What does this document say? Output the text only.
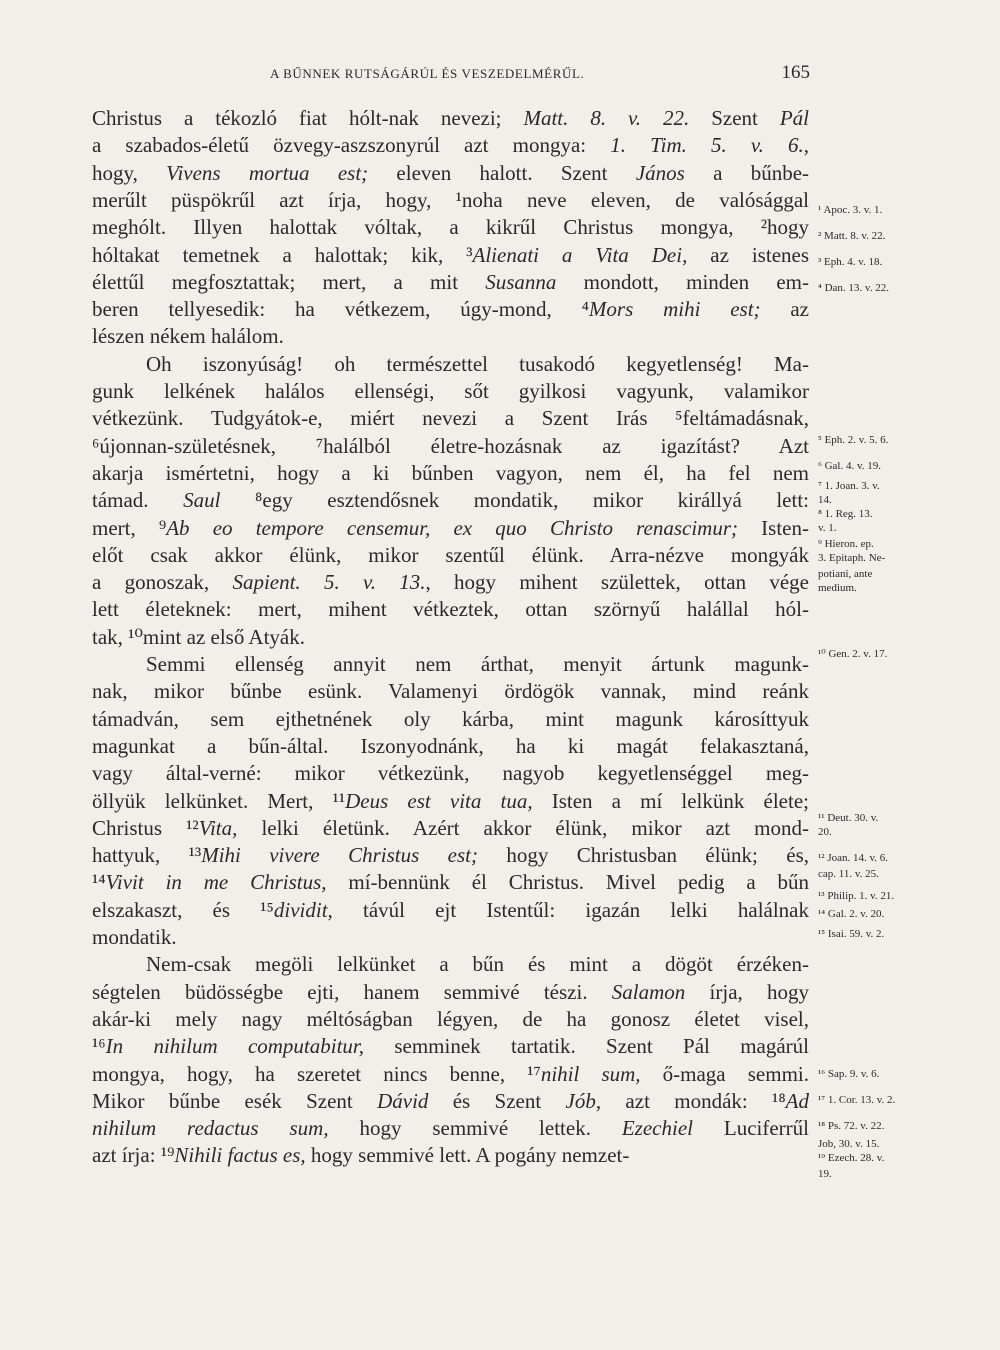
A BŰNNEK RUTSÁGÁRÚL ÉS VESZEDELMÉRŰL.	165
Christus a tékozló fiat hólt-nak nevezi; Matt. 8. v. 22. Szent Pál
a szabados-életű özvegy-aszszonyrúl azt mongya: 1. Tim. 5. v. 6.,
hogy, Vivens mortua est; eleven halott. Szent János a bűnbe-
merűlt püspökrűl azt írja, hogy, ¹noha neve eleven, de valósággal
meghólt. Illyen halottak vóltak, a kikrűl Christus mongya, ²hogy
hóltakat temetnek a halottak; kik, ³Alienati a Vita Dei, az istenes
élettűl megfosztattak; mert, a mit Susanna mondott, minden em-
beren tellyesedik: ha vétkezem, úgy-mond, ⁴Mors mihi est; az
lészen nékem halálom.
Oh iszonyúság! oh természettel tusakodó kegyetlenség! Ma-
gunk lelkének halálos ellenségi, sőt gyilkosi vagyunk, valamikor
vétkezünk. Tudgyátok-e, miért nevezi a Szent Irás ⁵feltámadásnak,
⁶újonnan-születésnek, ⁷halálból életre-hozásnak az igazítást? Azt
akarja ismértetni, hogy a ki bűnben vagyon, nem él, ha fel nem
támad. Saul ⁸egy esztendősnek mondatik, mikor királlyá lett:
mert, ⁹Ab eo tempore censemur, ex quo Christo renascimur; Isten-
előt csak akkor élünk, mikor szentűl élünk. Arra-nézve mongyák
a gonoszak, Sapient. 5. v. 13., hogy mihent születtek, ottan vége
lett életeknek: mert, mihent vétkeztek, ottan szörnyű halállal hól-
tak, ¹⁰mint az első Atyák.
Semmi ellenség annyit nem árthat, menyit ártunk magunk-
nak, mikor bűnbe esünk. Valamenyi ördögök vannak, mind reánk
támadván, sem ejthetnének oly kárba, mint magunk károsíttyuk
magunkat a bűn-által. Iszonyodnánk, ha ki magát felakasztaná,
vagy által-verné: mikor vétkezünk, nagyob kegyetlenséggel meg-
öllyük lelkünket. Mert, ¹¹Deus est vita tua, Isten a mí lelkünk élete;
Christus ¹²Vita, lelki életünk. Azért akkor élünk, mikor azt mond-
hattyuk, ¹³Mihi vivere Christus est; hogy Christusban élünk; és,
¹⁴Vivit in me Christus, mí-bennünk él Christus. Mivel pedig a bűn
elszakaszt, és ¹⁵dividit, távúl ejt Istentűl: igazán lelki halálnak
mondatik.
Nem-csak megöli lelkünket a bűn és mint a dögöt érzéken-
ségtelen büdösségbe ejti, hanem semmivé tészi. Salamon írja, hogy
akár-ki mely nagy méltóságban légyen, de ha gonosz életet visel,
¹⁶In nihilum computabitur, semminek tartatik. Szent Pál magárúl
mongya, hogy, ha szeretet nincs benne, ¹⁷nihil sum, ő-maga semmi.
Mikor bűnbe esék Szent Dávid és Szent Jób, azt mondák: ¹⁸Ad
nihilum redactus sum, hogy semmivé lettek. Ezechiel Luciferrűl
azt írja: ¹⁹Nihili factus es, hogy semmivé lett. A pogány nemzet-
¹ Apoc. 3. v. 1.
² Matt. 8. v. 22.
³ Eph. 4. v. 18.
⁴ Dan. 13. v. 22.
⁵ Eph. 2. v. 5. 6.
⁶ Gal. 4. v. 19.
⁷ 1. Joan. 3. v.
14.
⁸ 1. Reg. 13.
v. 1.
⁹ Hieron. ep.
3. Epitaph. Ne-
potiani, ante
medium.
¹⁰ Gen. 2. v. 17.
¹¹ Deut. 30. v.
20.
¹² Joan. 14. v. 6.
cap. 11. v. 25.
¹³ Philip. 1. v. 21.
¹⁴ Gal. 2. v. 20.
¹⁵ Isai. 59. v. 2.
¹⁶ Sap. 9. v. 6.
¹⁷ 1. Cor. 13. v. 2.
¹⁸ Ps. 72. v. 22.
Job, 30. v. 15.
¹⁹ Ezech. 28. v.
19.
